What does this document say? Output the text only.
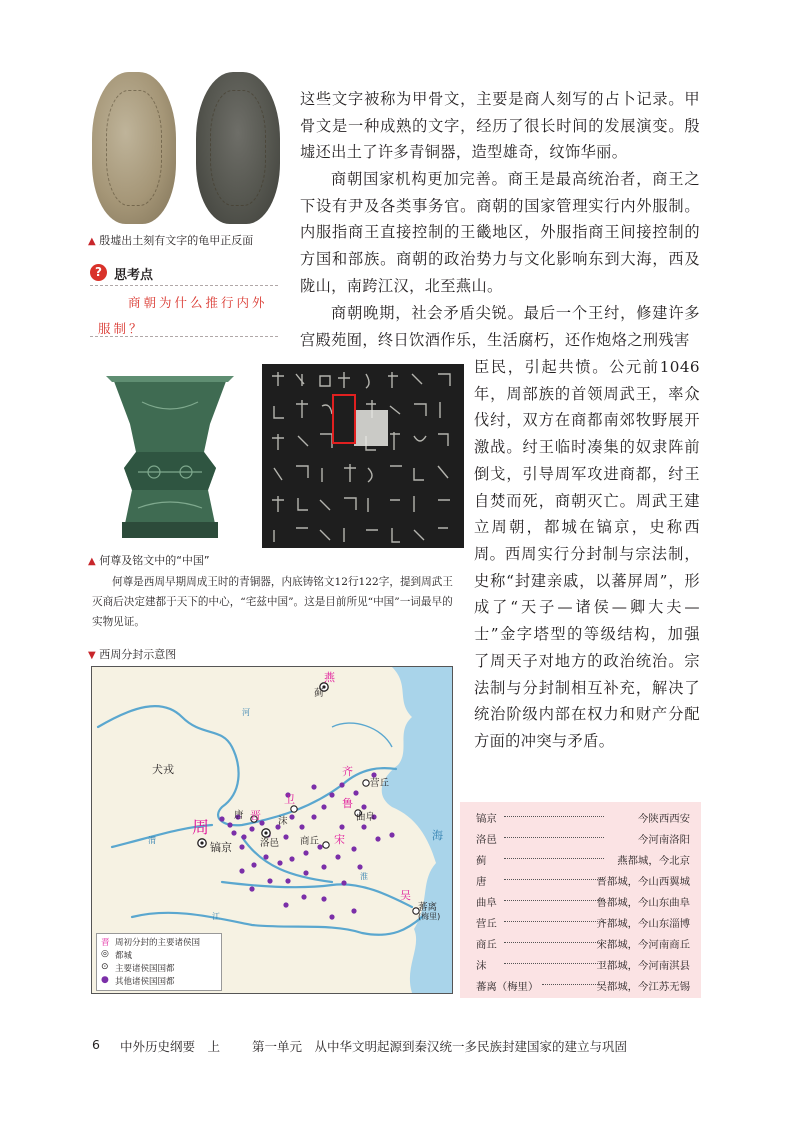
▲ 殷墟出土刻有文字的龟甲正反面
? 思考点
商朝为什么推行内外服制？
这些文字被称为甲骨文，主要是商人刻写的占卜记录。甲骨文是一种成熟的文字，经历了很长时间的发展演变。殷墟还出土了许多青铜器，造型雄奇，纹饰华丽。
商朝国家机构更加完善。商王是最高统治者，商王之下设有尹及各类事务官。商朝的国家管理实行内外服制。内服指商王直接控制的王畿地区，外服指商王间接控制的方国和部族。商朝的政治势力与文化影响东到大海，西及陇山，南跨江汉，北至燕山。
商朝晚期，社会矛盾尖锐。最后一个王纣，修建许多宫殿苑囿，终日饮酒作乐，生活腐朽，还作炮烙之刑残害
臣民，引起共愤。公元前1046年，周部族的首领周武王，率众伐纣，双方在商都南郊牧野展开激战。纣王临时凑集的奴隶阵前倒戈，引导周军攻进商都，纣王自焚而死，商朝灭亡。周武王建立周朝，都城在镐京，史称西周。 西周实行分封制与宗法制，史称“封建亲戚，以蕃屏周”，形成了“天子—诸侯—卿大夫—士”金字塔型的等级结构，加强了周天子对地方的政治统治。宗法制与分封制相互补充，解决了统治阶级内部在权力和财产分配方面的冲突与矛盾。
▲ 何尊及铭文中的“中国”
何尊是西周早期周成王时的青铜器，内底铸铭文12行122字，提到周武王灭商后决定建都于天下的中心，“宅兹中国”。这是目前所见“中国”一词最早的实物见证。
▼ 西周分封示意图
燕
蓟
犬戎	齐
营丘
卫
唐 晋 沫
鲁
曲阜
周
镐京	洛邑 商丘 宋	海
吴
蕃离
(梅里)
河
渭
淮
江
晋 周初分封的主要诸侯国
◎ 都城
⊙ 主要诸侯国国都
● 其他诸侯国国都
镐京	今陕西西安
洛邑	今河南洛阳
蓟	燕都城，今北京
唐	晋都城，今山西翼城
曲阜	鲁都城，今山东曲阜
营丘	齐都城，今山东淄博
商丘	宋都城，今河南商丘
沫	卫都城，今河南淇县
蕃离（梅里）	吴都城，今江苏无锡
6 中外历史纲要　上	第一单元　从中华文明起源到秦汉统一多民族封建国家的建立与巩固
